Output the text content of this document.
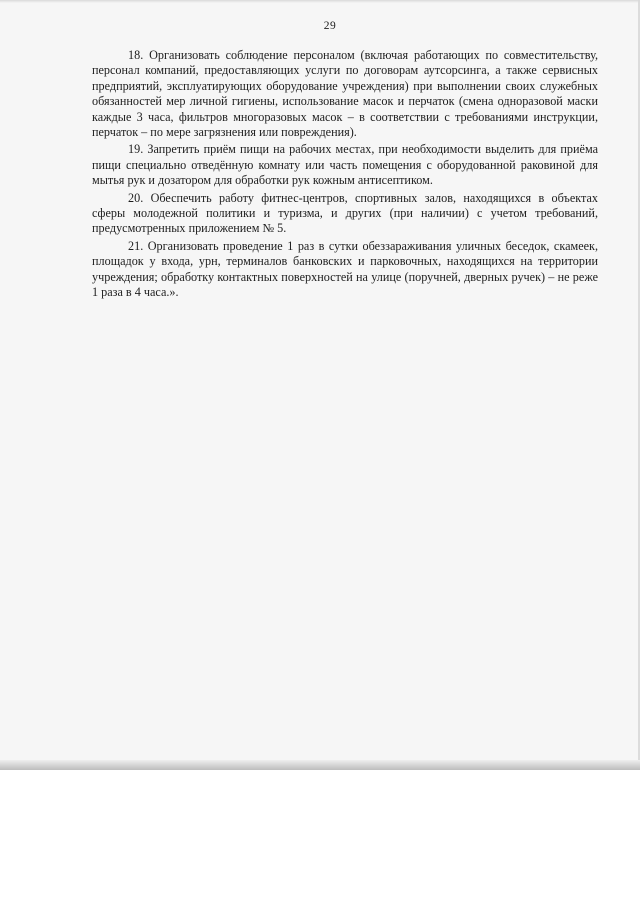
29

18. Организовать соблюдение персоналом (включая работающих по совместительству, персонал компаний, предоставляющих услуги по договорам аутсорсинга, а также сервисных предприятий, эксплуатирующих оборудование учреждения) при выполнении своих служебных обязанностей мер личной гигиены, использование масок и перчаток (смена одноразовой маски каждые 3 часа, фильтров многоразовых масок – в соответствии с требованиями инструкции, перчаток – по мере загрязнения или повреждения).

19. Запретить приём пищи на рабочих местах, при необходимости выделить для приёма пищи специально отведённую комнату или часть помещения с оборудованной раковиной для мытья рук и дозатором для обработки рук кожным антисептиком.

20. Обеспечить работу фитнес-центров, спортивных залов, находящихся в объектах сферы молодежной политики и туризма, и других (при наличии) с учетом требований, предусмотренных приложением № 5.

21. Организовать проведение 1 раз в сутки обеззараживания уличных беседок, скамеек, площадок у входа, урн, терминалов банковских и парковочных, находящихся на территории учреждения; обработку контактных поверхностей на улице (поручней, дверных ручек) – не реже 1 раза в 4 часа.».
